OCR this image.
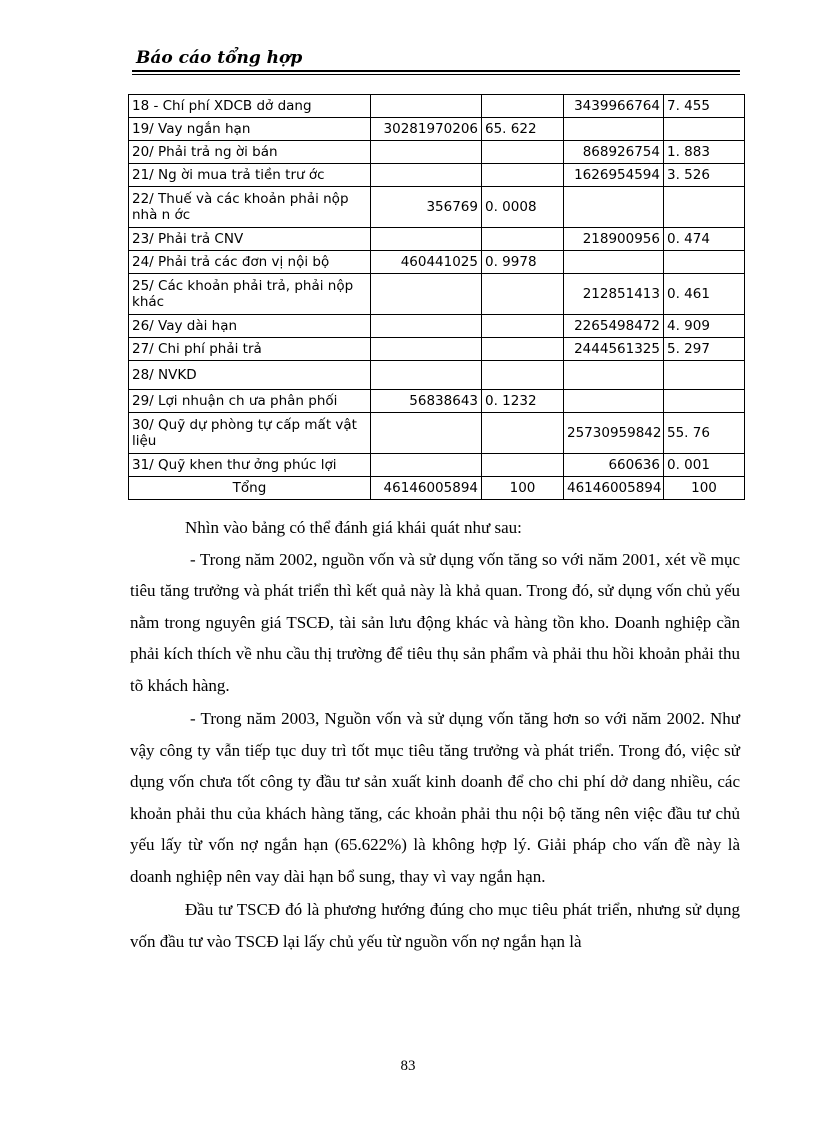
Báo cáo tổng hợp
18 - Chí phí XDCB dở dang			3439966764	7. 455
19/ Vay ngắn hạn	30281970206	65. 622		
20/ Phải trả ng ời bán			868926754	1. 883
21/ Ng ời mua trả tiền trư ớc			1626954594	3. 526
22/ Thuế và các khoản phải nộp nhà n ớc	356769	0. 0008		
23/ Phải trả CNV			218900956	0. 474
24/ Phải trả các đơn vị nội bộ	460441025	0. 9978		
25/ Các khoản phải trả, phải nộp khác			212851413	0. 461
26/ Vay dài hạn			2265498472	4. 909
27/ Chi phí phải trả			2444561325	5. 297
28/ NVKD				
29/ Lợi nhuận ch ưa phân phối	56838643	0. 1232		
30/ Quỹ dự phòng tự cấp mất vật liệu			25730959842	55. 76
31/ Quỹ khen thư ởng phúc lợi			660636	0. 001
Tổng	46146005894	100	46146005894	100

Nhìn vào bảng có thể đánh giá khái quát như sau:

- Trong năm 2002, nguồn vốn và sử dụng vốn tăng so với năm 2001, xét về mục tiêu tăng trưởng và phát triển thì kết quả này là khả quan. Trong đó, sử dụng vốn chủ yếu nằm trong nguyên giá TSCĐ, tài sản lưu động khác và hàng tồn kho. Doanh nghiệp cần phải kích thích về nhu cầu thị trường để tiêu thụ sản phẩm và phải thu hồi khoản phải thu tõ khách hàng.

- Trong năm 2003, Nguồn vốn và sử dụng vốn tăng hơn so với năm 2002. Như vậy công ty vẫn tiếp tục duy trì tốt mục tiêu tăng trưởng và phát triển. Trong đó, việc sử dụng vốn chưa tốt công ty đầu tư sản xuất kinh doanh để cho chi phí dở dang nhiều, các khoản phải thu của khách hàng tăng, các khoản phải thu nội bộ tăng nên việc đầu tư chủ yếu lấy từ vốn nợ ngắn hạn (65.622%) là không hợp lý. Giải pháp cho vấn đề này là doanh nghiệp nên vay dài hạn bổ sung, thay vì vay ngắn hạn.

Đầu tư TSCĐ đó là phương hướng đúng cho mục tiêu phát triển, nhưng sử dụng vốn đầu tư vào TSCĐ lại lấy chủ yếu từ nguồn vốn nợ ngắn hạn là

83
